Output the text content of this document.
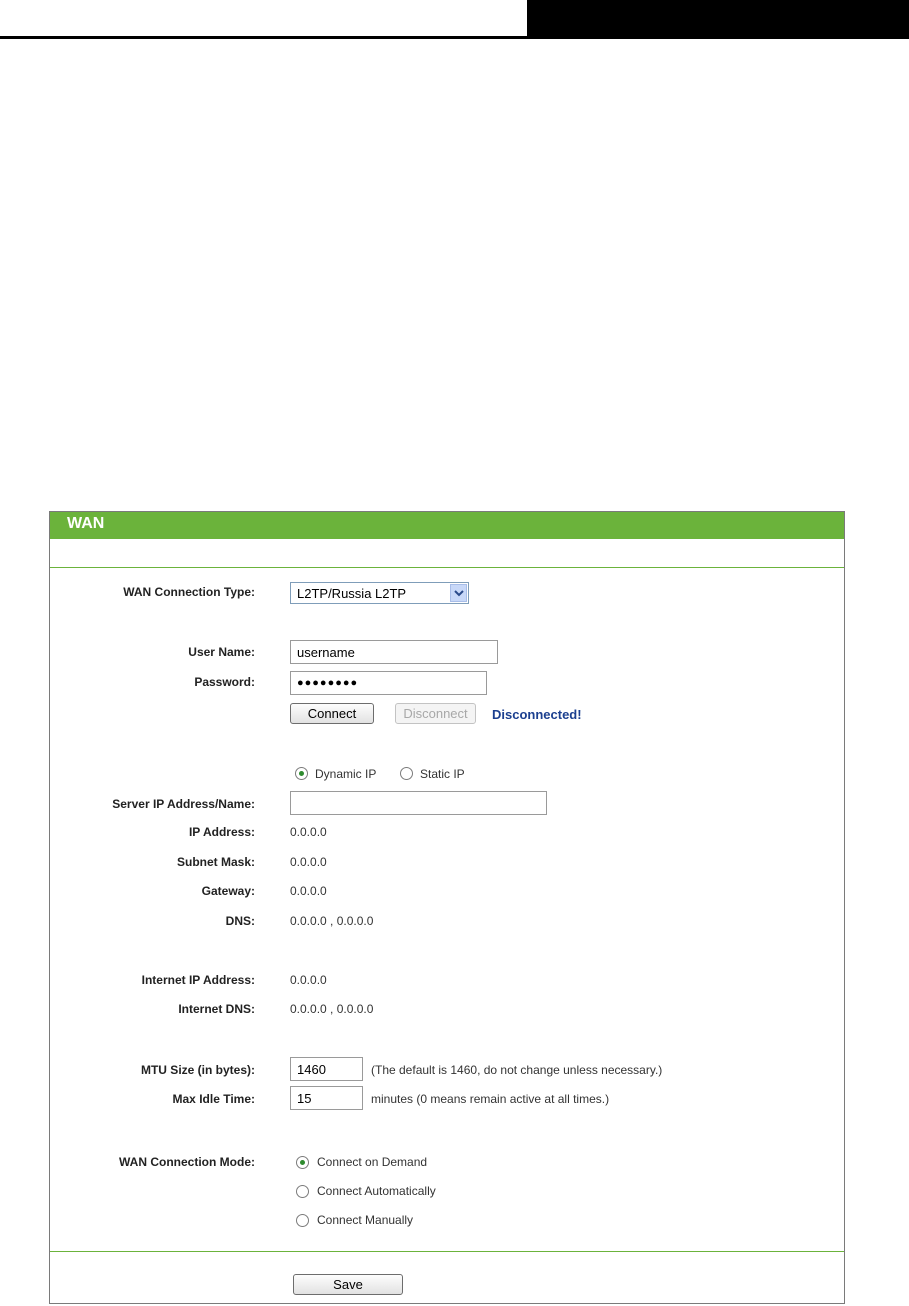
WAN
WAN Connection Type:	L2TP/Russia L2TP
User Name:	username
Password:	●●●●●●●●
Connect	Disconnect	Disconnected!
Dynamic IP	Static IP
Server IP Address/Name:
IP Address:	0.0.0.0
Subnet Mask:	0.0.0.0
Gateway:	0.0.0.0
DNS:	0.0.0.0 , 0.0.0.0
Internet IP Address:	0.0.0.0
Internet DNS:	0.0.0.0 , 0.0.0.0
MTU Size (in bytes):	1460	(The default is 1460, do not change unless necessary.)
Max Idle Time:	15	minutes (0 means remain active at all times.)
WAN Connection Mode:	Connect on Demand
Connect Automatically
Connect Manually
Save
